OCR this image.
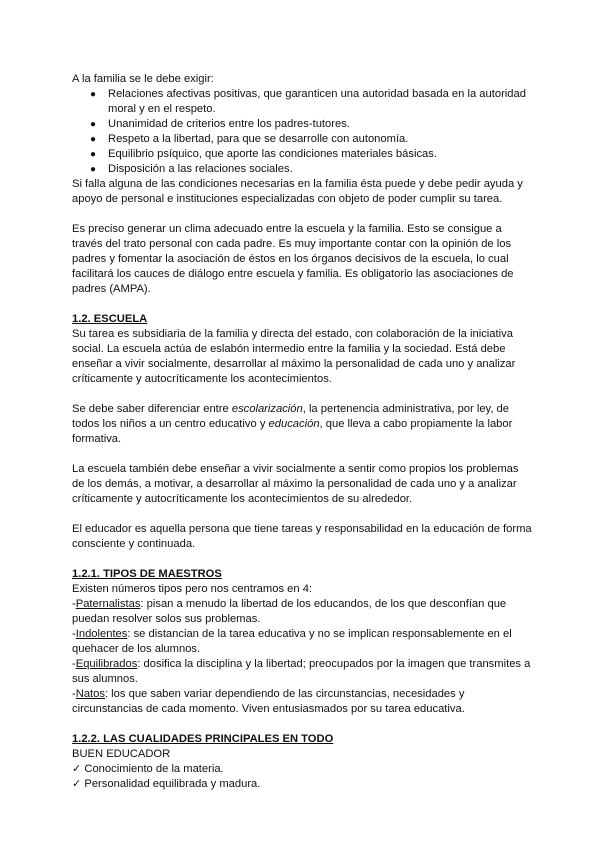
A la familia se le debe exigir:

● Relaciones afectivas positivas, que garanticen una autoridad basada en la autoridad moral y en el respeto.
● Unanimidad de criterios entre los padres-tutores.
● Respeto a la libertad, para que se desarrolle con autonomía.
● Equilibrio psíquico, que aporte las condiciones materiales básicas.
● Disposición a las relaciones sociales.

Si falla alguna de las condiciones necesarias en la familia ésta puede y debe pedir ayuda y apoyo de personal e instituciones especializadas con objeto de poder cumplir su tarea.

Es preciso generar un clima adecuado entre la escuela y la familia. Esto se consigue a través del trato personal con cada padre. Es muy importante contar con la opinión de los padres y fomentar la asociación de éstos en los órganos decisivos de la escuela, lo cual facilitará los cauces de diálogo entre escuela y familia. Es obligatorio las asociaciones de padres (AMPA).

1.2. ESCUELA

Su tarea es subsidiaria de la familia y directa del estado, con colaboración de la iniciativa social. La escuela actúa de eslabón intermedio entre la familia y la sociedad. Está debe enseñar a vivir socialmente, desarrollar al máximo la personalidad de cada uno y analizar críticamente y autocríticamente los acontecimientos.

Se debe saber diferenciar entre escolarización, la pertenencia administrativa, por ley, de todos los niños a un centro educativo y educación, que lleva a cabo propiamente la labor formativa.

La escuela también debe enseñar a vivir socialmente a sentir como propios los problemas de los demás, a motivar, a desarrollar al máximo la personalidad de cada uno y a analizar críticamente y autocríticamente los acontecimientos de su alrededor.

El educador es aquella persona que tiene tareas y responsabilidad en la educación de forma consciente y continuada.

1.2.1. TIPOS DE MAESTROS

Existen números tipos pero nos centramos en 4:

-Paternalistas: pisan a menudo la libertad de los educandos, de los que desconfían que puedan resolver solos sus problemas.

-Indolentes: se distancian de la tarea educativa y no se implican responsablemente en el quehacer de los alumnos.

-Equilibrados: dosifica la disciplina y la libertad; preocupados por la imagen que transmites a sus alumnos.

-Natos: los que saben variar dependiendo de las circunstancias, necesidades y circunstancias de cada momento. Viven entusiasmados por su tarea educativa.

1.2.2. LAS CUALIDADES PRINCIPALES EN TODO

BUEN EDUCADOR

✓ Conocimiento de la materia.

✓ Personalidad equilibrada y madura.
